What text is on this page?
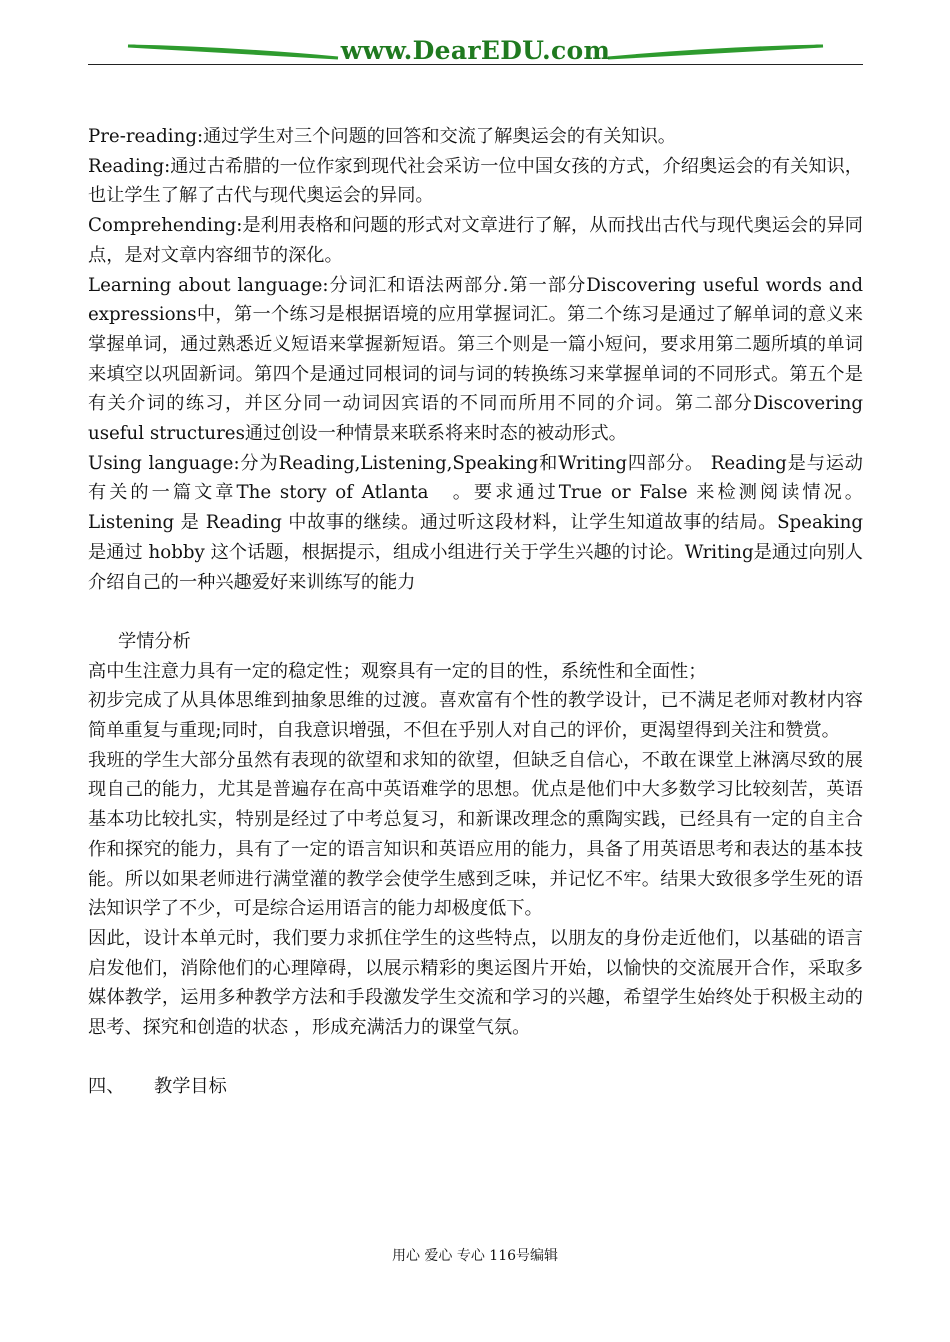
www.DearEDU.com

Pre-reading:通过学生对三个问题的回答和交流了解奥运会的有关知识。

Reading:通过古希腊的一位作家到现代社会采访一位中国女孩的方式，介绍奥运会的有关知识，也让学生了解了古代与现代奥运会的异同。

Comprehending:是利用表格和问题的形式对文章进行了解，从而找出古代与现代奥运会的异同点，是对文章内容细节的深化。

Learning about language:分词汇和语法两部分.第一部分Discovering useful words and expressions中，第一个练习是根据语境的应用掌握词汇。第二个练习是通过了解单词的意义来掌握单词，通过熟悉近义短语来掌握新短语。第三个则是一篇小短问，要求用第二题所填的单词来填空以巩固新词。第四个是通过同根词的词与词的转换练习来掌握单词的不同形式。第五个是有关介词的练习，并区分同一动词因宾语的不同而所用不同的介词。第二部分Discovering useful structures通过创设一种情景来联系将来时态的被动形式。

Using language:分为Reading,Listening,Speaking和Writing四部分。 Reading是与运动有关的一篇文章The story of Atlanta　。要求通过True or False 来检测阅读情况。Listening 是 Reading 中故事的继续。通过听这段材料，让学生知道故事的结局。Speaking 是通过 hobby 这个话题，根据提示，组成小组进行关于学生兴趣的讨论。Writing是通过向别人介绍自己的一种兴趣爱好来训练写的能力

学情分析

高中生注意力具有一定的稳定性；观察具有一定的目的性，系统性和全面性；

初步完成了从具体思维到抽象思维的过渡。喜欢富有个性的教学设计，已不满足老师对教材内容简单重复与重现;同时，自我意识增强，不但在乎别人对自己的评价，更渴望得到关注和赞赏。

我班的学生大部分虽然有表现的欲望和求知的欲望，但缺乏自信心，不敢在课堂上淋漓尽致的展现自己的能力，尤其是普遍存在高中英语难学的思想。优点是他们中大多数学习比较刻苦，英语基本功比较扎实，特别是经过了中考总复习，和新课改理念的熏陶实践，已经具有一定的自主合作和探究的能力，具有了一定的语言知识和英语应用的能力，具备了用英语思考和表达的基本技能。所以如果老师进行满堂灌的教学会使学生感到乏味，并记忆不牢。结果大致很多学生死的语法知识学了不少，可是综合运用语言的能力却极度低下。

因此，设计本单元时，我们要力求抓住学生的这些特点，以朋友的身份走近他们，以基础的语言启发他们，消除他们的心理障碍，以展示精彩的奥运图片开始，以愉快的交流展开合作，采取多媒体教学，运用多种教学方法和手段激发学生交流和学习的兴趣，希望学生始终处于积极主动的思考、探究和创造的状态 ，形成充满活力的课堂气氛。

四、 教学目标

用心 爱心 专心 116号编辑
